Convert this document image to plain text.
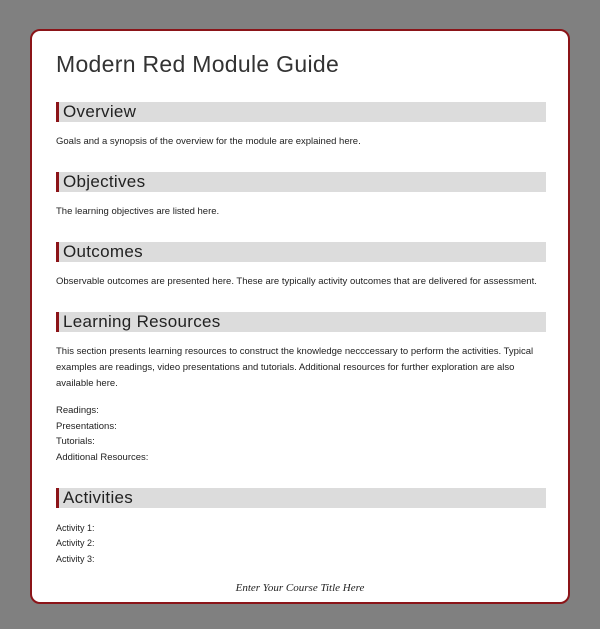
Modern Red Module Guide
Overview

Goals and a synopsis of the overview for the module are explained here.

Objectives

The learning objectives are listed here.

Outcomes

Observable outcomes are presented here. These are typically activity outcomes that are delivered for assessment.

Learning Resources

This section presents learning resources to construct the knowledge necccessary to perform the activities. Typical examples are readings, video presentations and tutorials. Additional resources for further exploration are also available here.

Readings:

Presentations:

Tutorials:

Additional Resources:

Activities

Activity 1:

Activity 2:

Activity 3:

Enter Your Course Title Here
